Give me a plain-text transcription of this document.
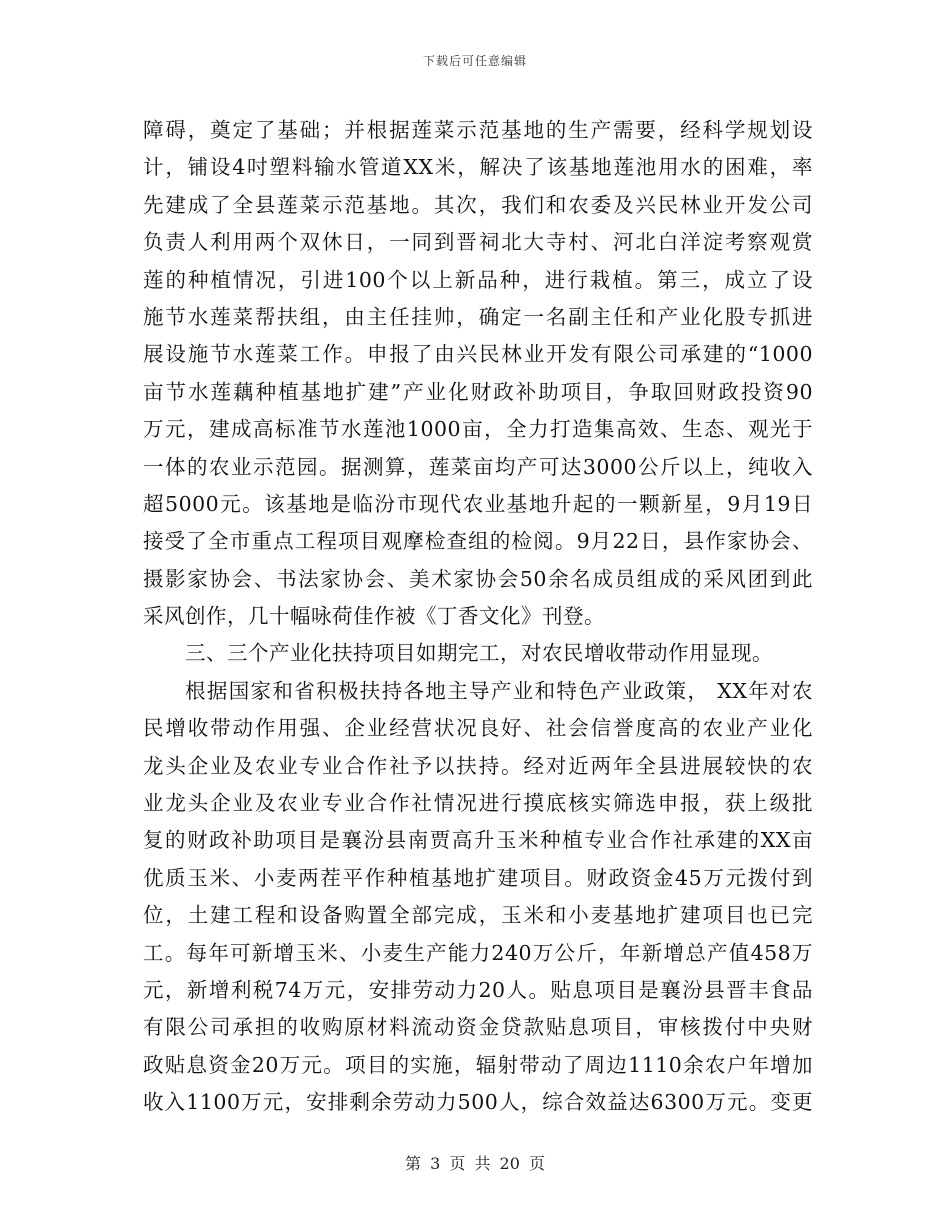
下载后可任意编辑
障碍，奠定了基础；并根据莲菜示范基地的生产需要，经科学规划设
计，铺设4吋塑料输水管道XX米，解决了该基地莲池用水的困难，率
先建成了全县莲菜示范基地。其次，我们和农委及兴民林业开发公司
负责人利用两个双休日，一同到晋祠北大寺村、河北白洋淀考察观赏
莲的种植情况，引进100个以上新品种，进行栽植。第三，成立了设
施节水莲菜帮扶组，由主任挂帅，确定一名副主任和产业化股专抓进
展设施节水莲菜工作。申报了由兴民林业开发有限公司承建的“1000
亩节水莲藕种植基地扩建”产业化财政补助项目，争取回财政投资90
万元，建成高标准节水莲池1000亩，全力打造集高效、生态、观光于
一体的农业示范园。据测算，莲菜亩均产可达3000公斤以上，纯收入
超5000元。该基地是临汾市现代农业基地升起的一颗新星，9月19日
接受了全市重点工程项目观摩检查组的检阅。9月22日，县作家协会、
摄影家协会、书法家协会、美术家协会50余名成员组成的采风团到此
采风创作，几十幅咏荷佳作被《丁香文化》刊登。
三、三个产业化扶持项目如期完工，对农民增收带动作用显现。
根据国家和省积极扶持各地主导产业和特色产业政策， XX年对农
民增收带动作用强、企业经营状况良好、社会信誉度高的农业产业化
龙头企业及农业专业合作社予以扶持。经对近两年全县进展较快的农
业龙头企业及农业专业合作社情况进行摸底核实筛选申报，获上级批
复的财政补助项目是襄汾县南贾高升玉米种植专业合作社承建的XX亩
优质玉米、小麦两茬平作种植基地扩建项目。财政资金45万元拨付到
位，土建工程和设备购置全部完成，玉米和小麦基地扩建项目也已完
工。每年可新增玉米、小麦生产能力240万公斤，年新增总产值458万
元，新增利税74万元，安排劳动力20人。贴息项目是襄汾县晋丰食品
有限公司承担的收购原材料流动资金贷款贴息项目，审核拨付中央财
政贴息资金20万元。项目的实施，辐射带动了周边1110余农户年增加
收入1100万元，安排剩余劳动力500人，综合效益达6300万元。变更
第 3 页 共 20 页
